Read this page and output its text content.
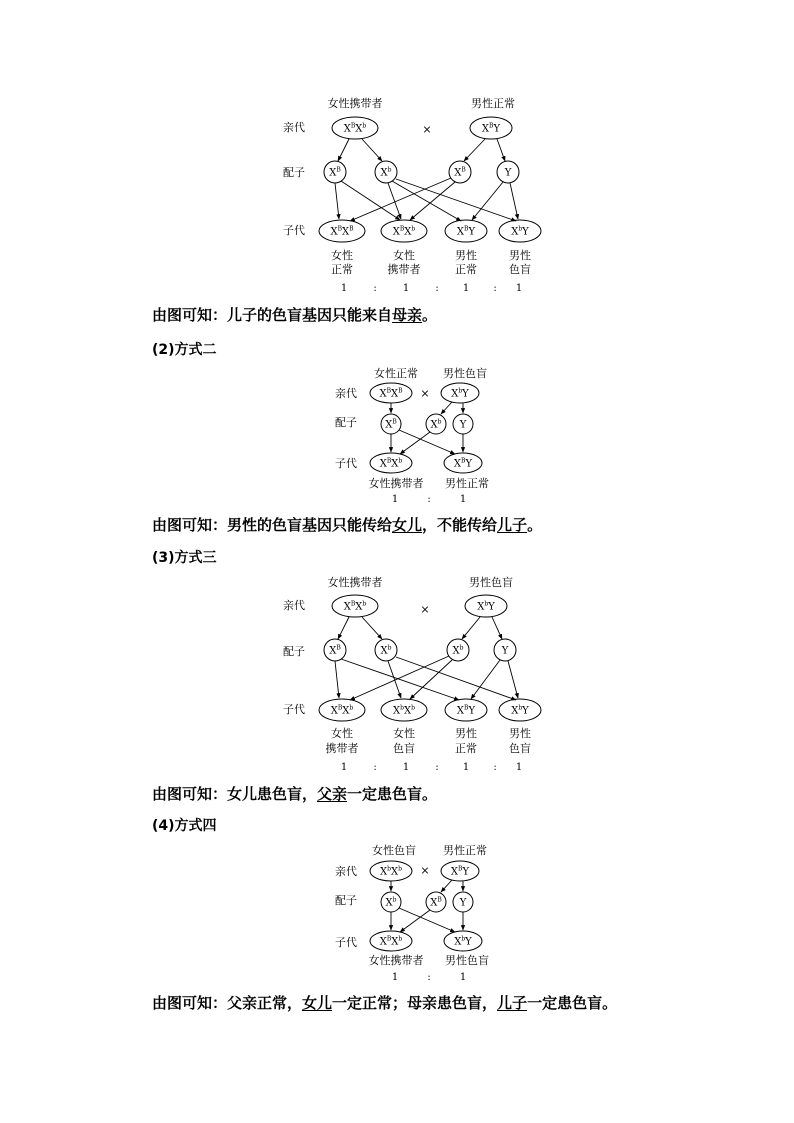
女性携带者	男性正常
亲代
配子
子代
×
$X^BX^b$	$X^BY$
$X^B$	$X^b$	$X^B$	Y
$X^BX^B$	$X^BX^b$	$X^BY$	$X^bY$
女性	女性	男性	男性
正常	携带者	正常	色盲
1	:	1	: 1 : 1
女性正常 男性色盲
亲代
配子
子代
×
$X^BX^B$	$X^bY$
$X^B$	$X^b$ Y
$X^BX^b$	$X^BY$
女性携带者 男性正常
1	:	1
女性携带者	男性色盲
亲代
配子
子代
×
$X^BX^b$	$X^bY$
$X^B$	$X^b$	$X^b$	Y
$X^BX^b$	$X^bX^b$	$X^BY$	$X^bY$
女性	女性	男性	男性
携带者	色盲	正常	色盲
1	:	1	: 1 : 1
女性色盲 男性正常
亲代
配子
子代
×
$X^bX^b$	$X^BY$
$X^b$	$X^B$ Y
$X^BX^b$	$X^bY$
女性携带者 男性色盲
1	:	1
由图可知：儿子的色盲基因只能来自母亲。
(2)方式二
由图可知：男性的色盲基因只能传给女儿，不能传给儿子。
(3)方式三
由图可知：女儿患色盲，父亲一定患色盲。
(4)方式四
由图可知：父亲正常，女儿一定正常；母亲患色盲，儿子一定患色盲。
